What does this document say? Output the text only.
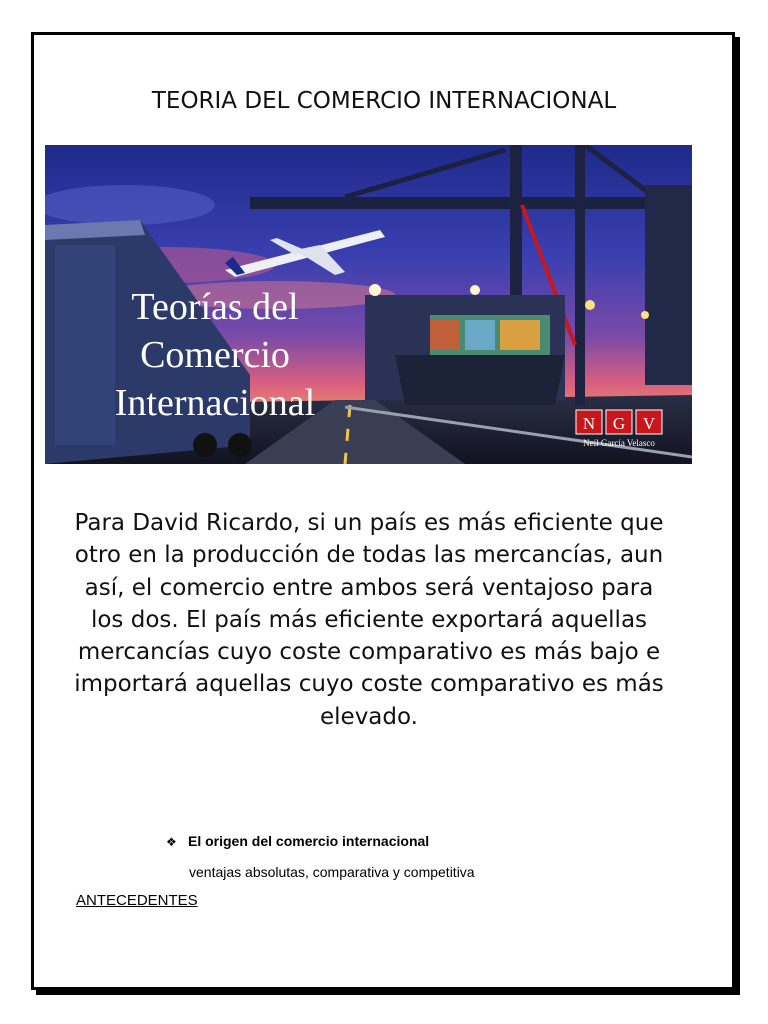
TEORIA DEL COMERCIO INTERNACIONAL
Teorías del
Comercio
Internacional	N G V
Neil García Velasco
Para David Ricardo, si un país es más eficiente que otro en la producción de todas las mercancías, aun así, el comercio entre ambos será ventajoso para los dos. El país más eficiente exportará aquellas mercancías cuyo coste comparativo es más bajo e importará aquellas cuyo coste comparativo es más elevado.
❖ El origen del comercio internacional
ventajas absolutas, comparativa y competitiva
ANTECEDENTES
